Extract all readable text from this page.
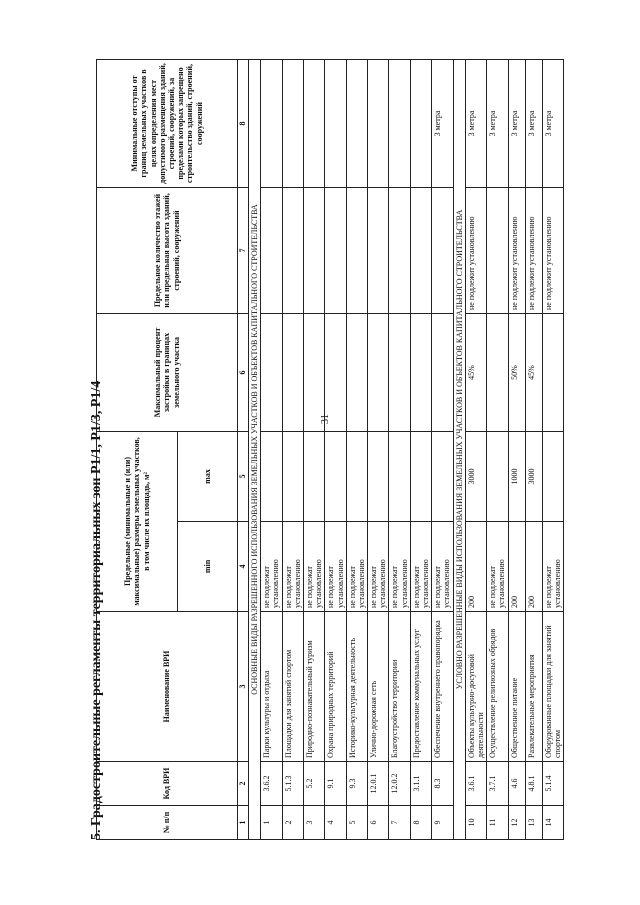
31
5. Градостроительные регламенты территориальных зон Р1/1, Р1/3, Р1/4	№ п/п	Код ВРИ	Наименование ВРИ	Предельные (минимальные и (или) максимальные) размеры земельных участков, в том числе их площадь, м²		Максимальный процент застройки в границах земельного участка	Предельное количество этажей или предельная высота зданий, строений, сооружений	Минимальные отступы от границ земельных участков в целях определения мест допустимого размещения зданий, строений, сооружений, за пределами которых запрещено строительство зданий, строений, сооружений
			min	max			
1	2	3	4	5	6	7	8
ОСНОВНЫЕ ВИДЫ РАЗРЕШЕННОГО ИСПОЛЬЗОВАНИЯ ЗЕМЕЛЬНЫХ УЧАСТКОВ И ОБЪЕКТОВ КАПИТАЛЬНОГО СТРОИТЕЛЬСТВА							
1	3.6.2	Парки культуры и отдыха	не подлежат установлению				
2	5.1.3	Площадки для занятий спортом	не подлежат установлению				
3	5.2	Природно-познавательный туризм	не подлежат установлению				
4	9.1	Охрана природных территорий	не подлежат установлению				
5	9.3	Историко-культурная деятельность	не подлежат установлению				
6	12.0.1	Улично-дорожная сеть	не подлежат установлению				
7	12.0.2	Благоустройство территории	не подлежат установлению				
8	3.1.1	Предоставление коммунальных услуг	не подлежат установлению				
9	8.3	Обеспечение внутреннего правопорядка	не подлежат установлению				3 метра
УСЛОВНО РАЗРЕШЕННЫЕ ВИДЫ ИСПОЛЬЗОВАНИЯ ЗЕМЕЛЬНЫХ УЧАСТКОВ И ОБЪЕКТОВ КАПИТАЛЬНОГО СТРОИТЕЛЬСТВА							
10	3.6.1	Объекты культурно-досуговой деятельности	200	3000	45%	не подлежит установлению	3 метра
11	3.7.1	Осуществление религиозных обрядов	не подлежат установлению				3 метра
12	4.6	Общественное питание	200	1000	50%	не подлежит установлению	3 метра
13	4.8.1	Развлекательные мероприятия	200	3000	45%	не подлежит установлению	3 метра
14	5.1.4	Оборудованные площадки для занятий спортом	не подлежат установлению			не подлежит установлению	3 метра
